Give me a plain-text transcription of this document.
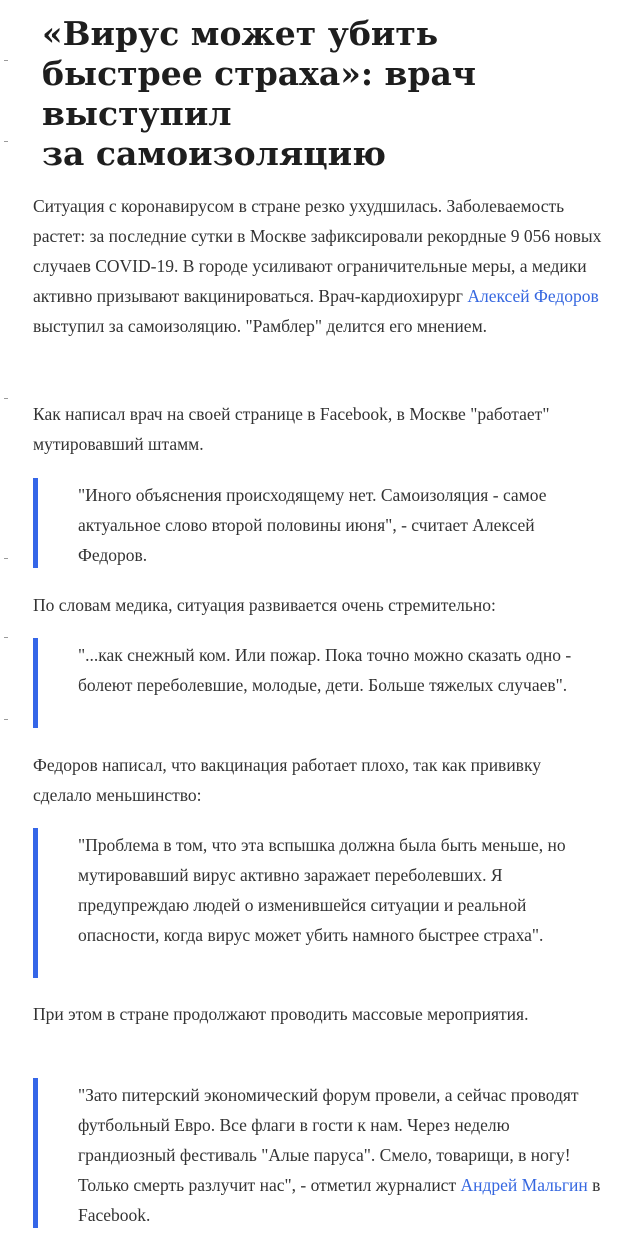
«Вирус может убить
быстрее страха»: врач
выступил
за самоизоляцию

Ситуация с коронавирусом в стране резко ухудшилась. Заболеваемость растет: за последние сутки в Москве зафиксировали рекордные 9 056 новых случаев COVID-19. В городе усиливают ограничительные меры, а медики активно призывают вакцинироваться. Врач-кардиохирург Алексей Федоров выступил за самоизоляцию. "Рамблер" делится его мнением.

Как написал врач на своей странице в Facebook, в Москве "работает" мутировавший штамм.

"Иного объяснения происходящему нет. Самоизоляция - самое актуальное слово второй половины июня", - считает Алексей Федоров.

По словам медика, ситуация развивается очень стремительно:

"...как снежный ком. Или пожар. Пока точно можно сказать одно - болеют переболевшие, молодые, дети. Больше тяжелых случаев".

Федоров написал, что вакцинация работает плохо, так как прививку сделало меньшинство:

"Проблема в том, что эта вспышка должна была быть меньше, но мутировавший вирус активно заражает переболевших. Я предупреждаю людей о изменившейся ситуации и реальной опасности, когда вирус может убить намного быстрее страха".

При этом в стране продолжают проводить массовые мероприятия.

"Зато питерский экономический форум провели, а сейчас проводят футбольный Евро. Все флаги в гости к нам. Через неделю грандиозный фестиваль "Алые паруса". Смело, товарищи, в ногу! Только смерть разлучит нас", - отметил журналист Андрей Мальгин в Facebook.
